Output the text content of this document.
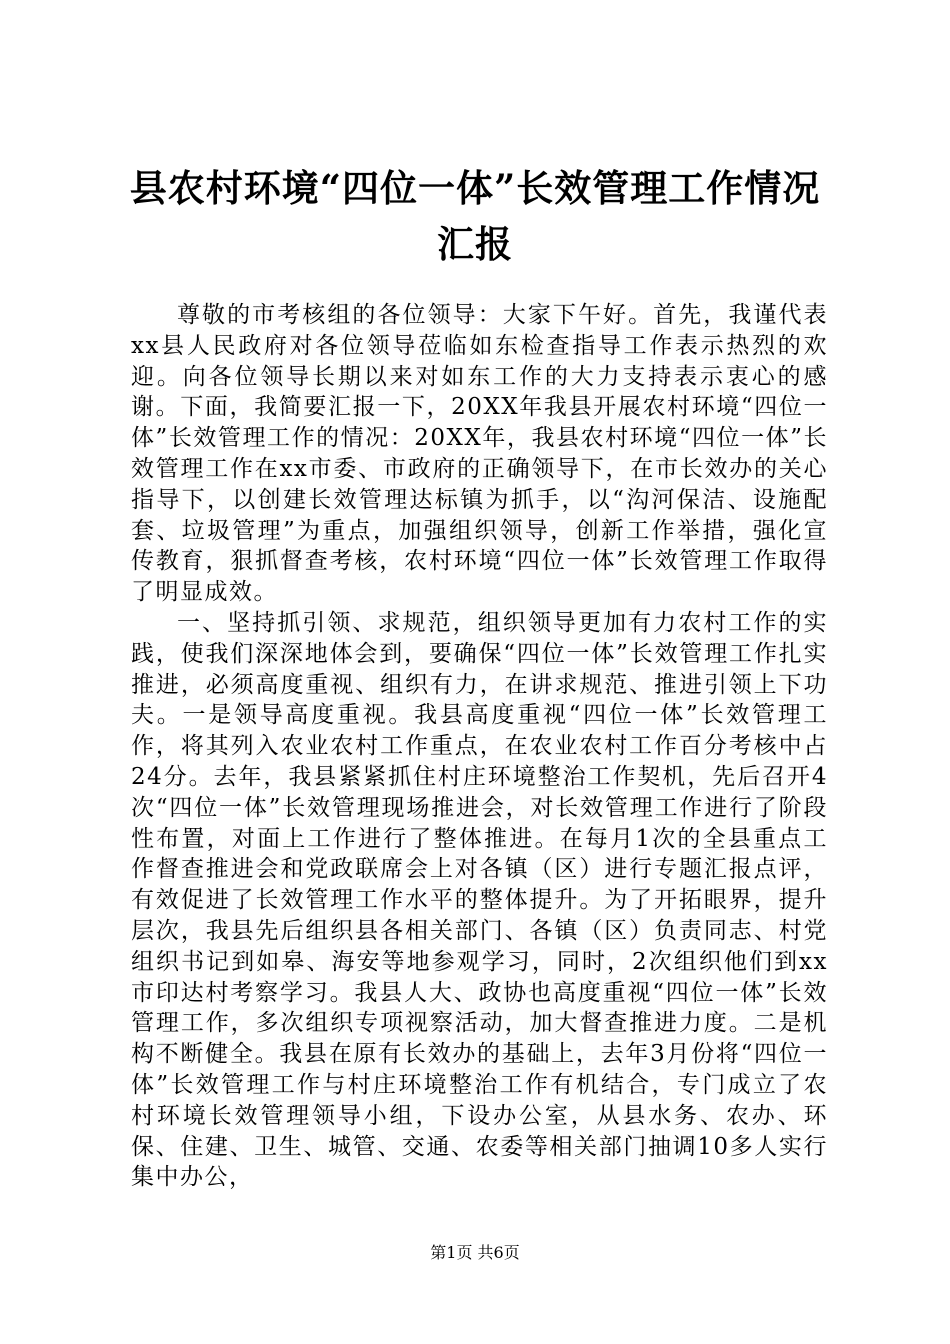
县农村环境“四位一体”长效管理工作情况汇报

尊敬的市考核组的各位领导：大家下午好。首先，我谨代表xx县人民政府对各位领导莅临如东检查指导工作表示热烈的欢迎。向各位领导长期以来对如东工作的大力支持表示衷心的感谢。下面，我简要汇报一下，20XX年我县开展农村环境“四位一体”长效管理工作的情况：20XX年，我县农村环境“四位一体”长效管理工作在xx市委、市政府的正确领导下，在市长效办的关心指导下，以创建长效管理达标镇为抓手，以“沟河保洁、设施配套、垃圾管理”为重点，加强组织领导，创新工作举措，强化宣传教育，狠抓督查考核，农村环境“四位一体”长效管理工作取得了明显成效。

一、坚持抓引领、求规范，组织领导更加有力农村工作的实践，使我们深深地体会到，要确保“四位一体”长效管理工作扎实推进，必须高度重视、组织有力，在讲求规范、推进引领上下功夫。一是领导高度重视。我县高度重视“四位一体”长效管理工作，将其列入农业农村工作重点，在农业农村工作百分考核中占24分。去年，我县紧紧抓住村庄环境整治工作契机，先后召开4次“四位一体”长效管理现场推进会，对长效管理工作进行了阶段性布置，对面上工作进行了整体推进。在每月1次的全县重点工作督查推进会和党政联席会上对各镇（区）进行专题汇报点评，有效促进了长效管理工作水平的整体提升。为了开拓眼界，提升层次，我县先后组织县各相关部门、各镇（区）负责同志、村党组织书记到如皋、海安等地参观学习，同时，2次组织他们到xx市印达村考察学习。我县人大、政协也高度重视“四位一体”长效管理工作，多次组织专项视察活动，加大督查推进力度。二是机构不断健全。我县在原有长效办的基础上，去年3月份将“四位一体”长效管理工作与村庄环境整治工作有机结合，专门成立了农村环境长效管理领导小组，下设办公室，从县水务、农办、环保、住建、卫生、城管、交通、农委等相关部门抽调10多人实行集中办公，

第1页 共6页
